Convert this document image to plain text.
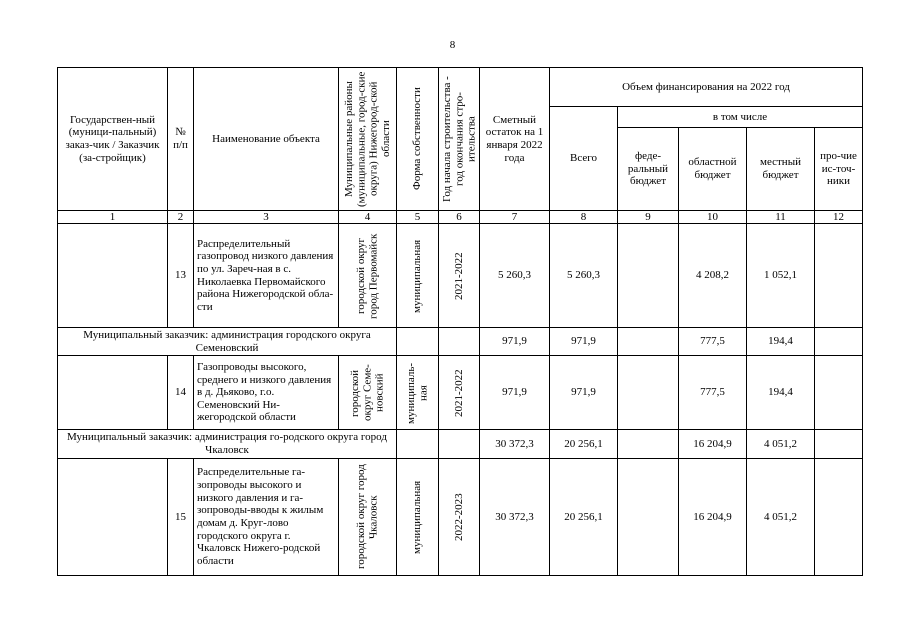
8
Государствен-ный (муници-пальный) заказ-чик / Заказчик (за-стройщик)	№ п/п	Наименование объекта	Муниципальные районы (муниципальные, город-ские округа) Нижегород-ской области	Форма собственности	Год начала строительства - год окончания стро-ительства	Сметный остаток на 1 января 2022 года	Объем финансирования на 2022 год				
							Всего	в том числе			
								феде-ральный бюджет	областной бюджет	местный бюджет	про-чие ис-точ-ники
1	2	3	4	5	6	7	8	9	10	11	12
	13	Распределительный газопровод низкого давления по ул. Зареч-ная в с. Николаевка Первомайского района Нижегородской обла-сти	городской округ город Первомайск	муниципальная	2021-2022	5 260,3	5 260,3		4 208,2	1 052,1	
Муниципальный заказчик: администрация городского округа Семеновский						971,9	971,9		777,5	194,4	
	14	Газопроводы высокого, среднего и низкого давления в д. Дьяково, г.о. Семеновский Ни-жегородской области	городской округ Семе-новский	муниципаль-ная	2021-2022	971,9	971,9		777,5	194,4	
Муниципальный заказчик: администрация го-родского округа город Чкаловск						30 372,3	20 256,1		16 204,9	4 051,2	
	15	Распределительные га-зопроводы высокого и низкого давления и га-зопроводы-вводы к жилым домам д. Круг-лово городского округа г. Чкаловск Нижего-родской области	городской округ город Чкаловск	муниципальная	2022-2023	30 372,3	20 256,1		16 204,9	4 051,2	
